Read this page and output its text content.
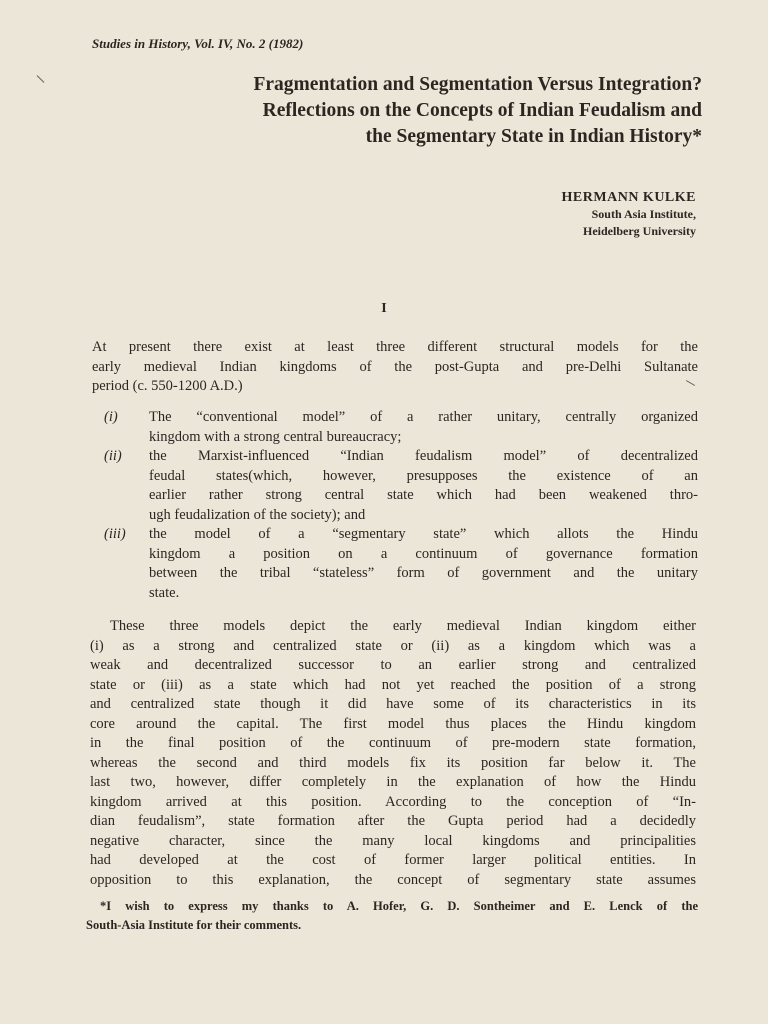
Studies in History, Vol. IV, No. 2 (1982)
Fragmentation and Segmentation Versus Integration?
Reflections on the Concepts of Indian Feudalism and
the Segmentary State in Indian History*
HERMANN KULKE
South Asia Institute,
Heidelberg University
I
At present there exist at least three different structural models for the
early medieval Indian kingdoms of the post-Gupta and pre-Delhi Sultanate
period (c. 550-1200 A.D.)
(i) The “conventional model” of a rather unitary, centrally organized
kingdom with a strong central bureaucracy;
(ii) the Marxist-influenced “Indian feudalism model” of decentralized
feudal states(which, however, presupposes the existence of an
earlier rather strong central state which had been weakened thro-
ugh feudalization of the society); and
(iii) the model of a “segmentary state” which allots the Hindu
kingdom a position on a continuum of governance formation
between the tribal “stateless” form of government and the unitary
state.
These three models depict the early medieval Indian kingdom either
(i) as a strong and centralized state or (ii) as a kingdom which was a
weak and decentralized successor to an earlier strong and centralized
state or (iii) as a state which had not yet reached the position of a strong
and centralized state though it did have some of its characteristics in its
core around the capital. The first model thus places the Hindu kingdom
in the final position of the continuum of pre-modern state formation,
whereas the second and third models fix its position far below it. The
last two, however, differ completely in the explanation of how the Hindu
kingdom arrived at this position. According to the conception of “In-
dian feudalism”, state formation after the Gupta period had a decidedly
negative character, since the many local kingdoms and principalities
had developed at the cost of former larger political entities. In
opposition to this explanation, the concept of segmentary state assumes
*I wish to express my thanks to A. Hofer, G. D. Sontheimer and E. Lenck of the
South-Asia Institute for their comments.
